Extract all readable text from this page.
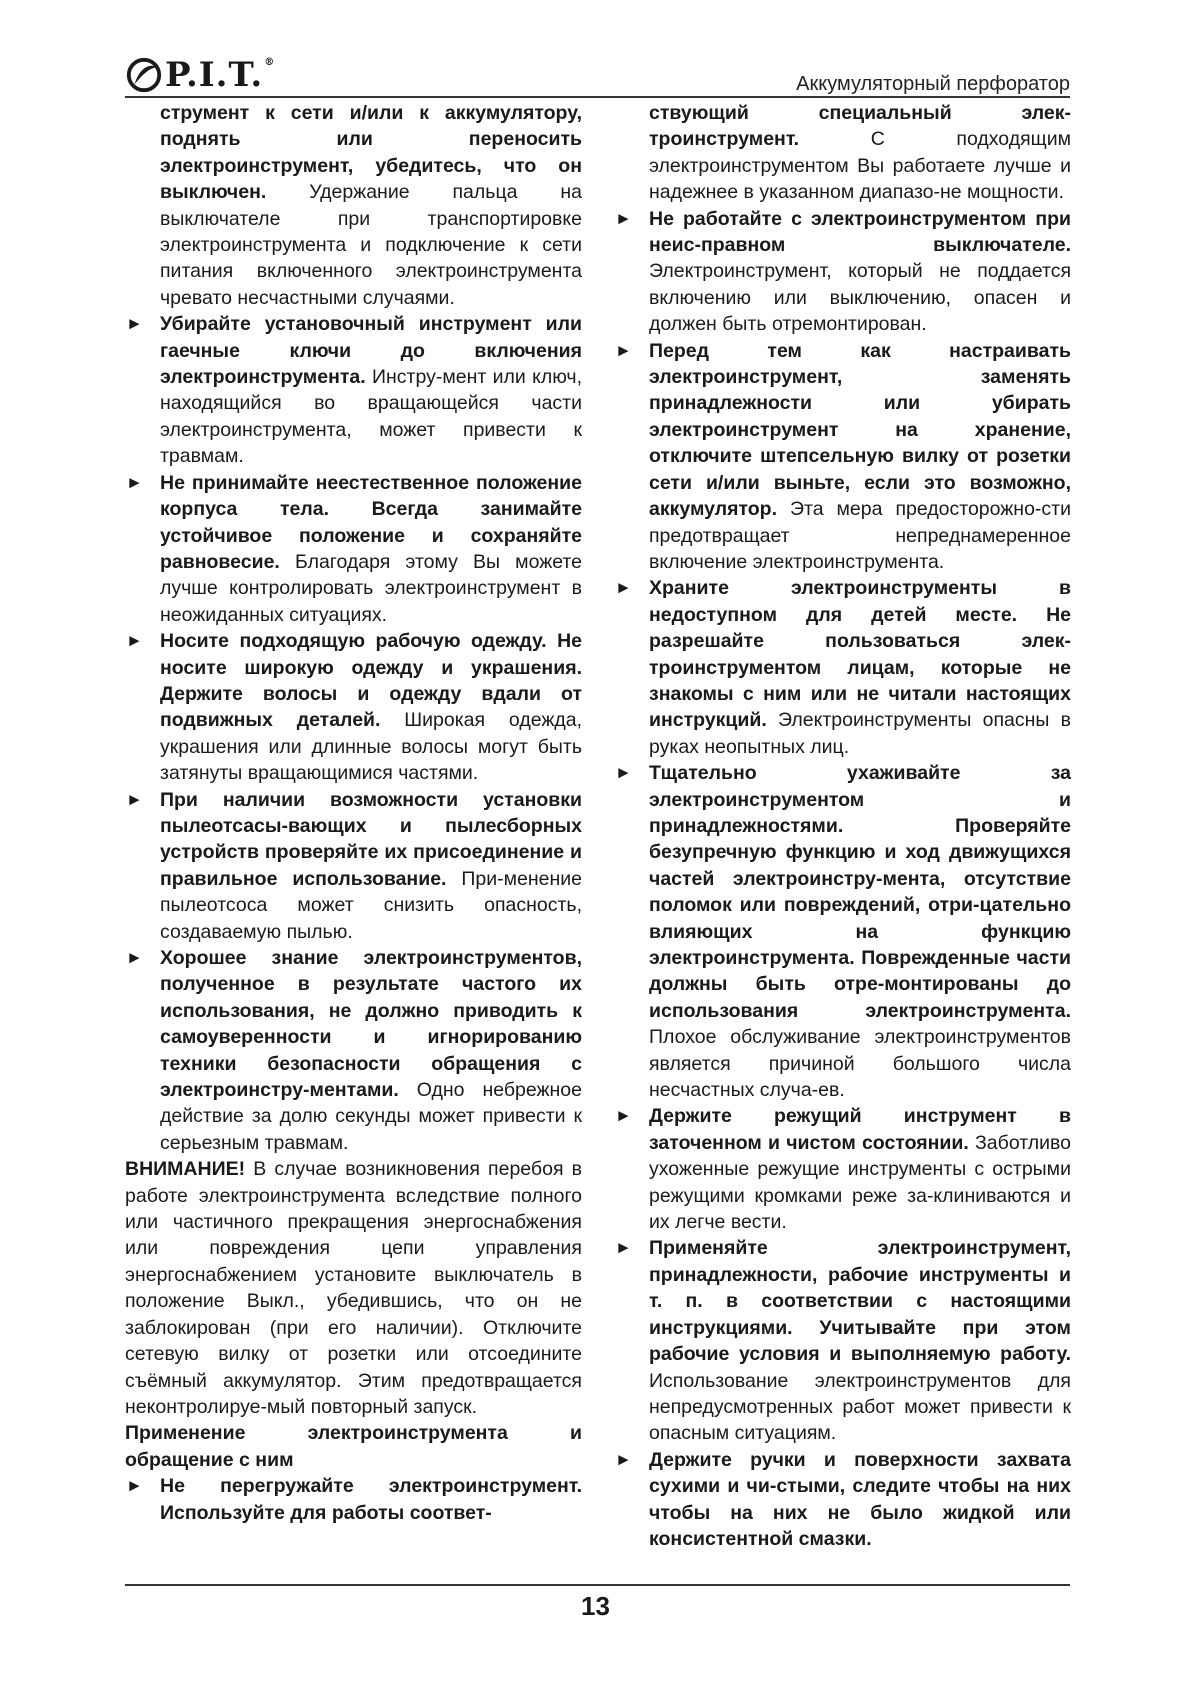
P.I.T.®
Аккумуляторный перфоратор
струмент к сети и/или к аккумулятору, поднять или переносить электроинструмент, убедитесь, что он выключен. Удержание пальца на выключателе при транспортировке электроинструмента и подключение к сети питания включенного электроинструмента чревато несчастными случаями.
► Убирайте установочный инструмент или гаечные ключи до включения электроинструмента. Инстру-мент или ключ, находящийся во вращающейся части электроинструмента, может привести к травмам.
► Не принимайте неестественное положение корпуса тела. Всегда занимайте устойчивое положение и сохраняйте равновесие. Благодаря этому Вы можете лучше контролировать электроинструмент в неожиданных ситуациях.
► Носите подходящую рабочую одежду. Не носите широкую одежду и украшения. Держите волосы и одежду вдали от подвижных деталей. Широкая одежда, украшения или длинные волосы могут быть затянуты вращающимися частями.
► При наличии возможности установки пылеотсасы-вающих и пылесборных устройств проверяйте их присоединение и правильное использование. При-менение пылеотсоса может снизить опасность, создаваемую пылью.
► Хорошее знание электроинструментов, полученное в результате частого их использования, не должно приводить к самоуверенности и игнорированию техники безопасности обращения с электроинстру-ментами. Одно небрежное действие за долю секунды может привести к серьезным травмам.
ВНИМАНИЕ! В случае возникновения перебоя в работе электроинструмента вследствие полного или частичного прекращения энергоснабжения или повреждения цепи управления энергоснабжением установите выключатель в положение Выкл., убедившись, что он не заблокирован (при его наличии). Отключите сетевую вилку от розетки или отсоедините съёмный аккумулятор. Этим предотвращается неконтролируе-мый повторный запуск.
Применение электроинструмента и обращение с ним
► Не перегружайте электроинструмент. Используйте для работы соответ-
ствующий специальный элек-троинструмент. С подходящим электроинструментом Вы работаете лучше и надежнее в указанном диапазо-не мощности.
► Не работайте с электроинструментом при неис-правном выключателе. Электроинструмент, который не поддается включению или выключению, опасен и должен быть отремонтирован.
► Перед тем как настраивать электроинструмент, заменять принадлежности или убирать электроинструмент на хранение, отключите штепсельную вилку от розетки сети и/или выньте, если это возможно, аккумулятор. Эта мера предосторожно-сти предотвращает непреднамеренное включение электроинструмента.
► Храните электроинструменты в недоступном для детей месте. Не разрешайте пользоваться элек-троинструментом лицам, которые не знакомы с ним или не читали настоящих инструкций. Электроинструменты опасны в руках неопытных лиц.
► Тщательно ухаживайте за электроинструментом и принадлежностями. Проверяйте безупречную функцию и ход движущихся частей электроинстру-мента, отсутствие поломок или повреждений, отри-цательно влияющих на функцию электроинструмента. Поврежденные части должны быть отре-монтированы до использования электроинструмента. Плохое обслуживание электроинструментов является причиной большого числа несчастных случа-ев.
► Держите режущий инструмент в заточенном и чистом состоянии. Заботливо ухоженные режущие инструменты с острыми режущими кромками реже за-клиниваются и их легче вести.
► Применяйте электроинструмент, принадлежности, рабочие инструменты и т. п. в соответствии с настоящими инструкциями. Учитывайте при этом рабочие условия и выполняемую работу. Использование электроинструментов для непредусмотренных работ может привести к опасным ситуациям.
► Держите ручки и поверхности захвата сухими и чи-стыми, следите чтобы на них чтобы на них не было жидкой или консистентной смазки.
13
